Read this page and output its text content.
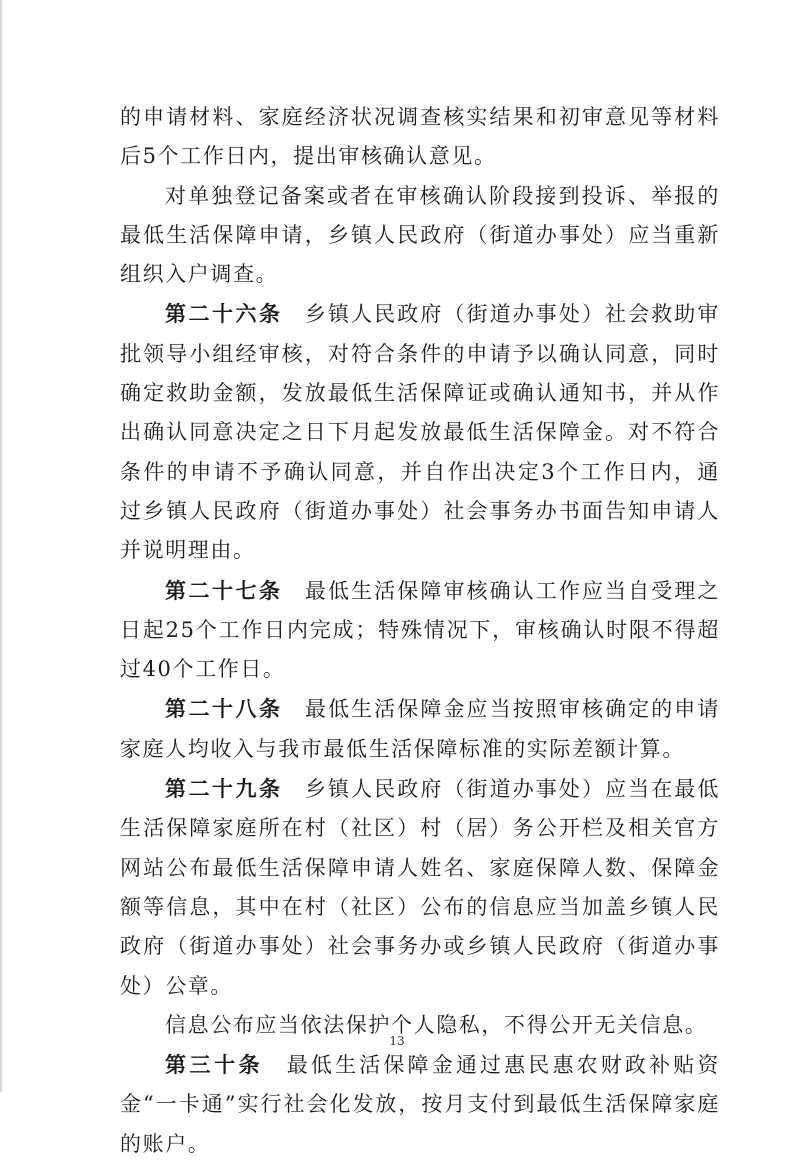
的申请材料、家庭经济状况调查核实结果和初审意见等材料后5个工作日内，提出审核确认意见。

对单独登记备案或者在审核确认阶段接到投诉、举报的最低生活保障申请，乡镇人民政府（街道办事处）应当重新组织入户调查。

第二十六条 乡镇人民政府（街道办事处）社会救助审批领导小组经审核，对符合条件的申请予以确认同意，同时确定救助金额，发放最低生活保障证或确认通知书，并从作出确认同意决定之日下月起发放最低生活保障金。对不符合条件的申请不予确认同意，并自作出决定3个工作日内，通过乡镇人民政府（街道办事处）社会事务办书面告知申请人并说明理由。

第二十七条 最低生活保障审核确认工作应当自受理之日起25个工作日内完成；特殊情况下，审核确认时限不得超过40个工作日。

第二十八条 最低生活保障金应当按照审核确定的申请家庭人均收入与我市最低生活保障标准的实际差额计算。

第二十九条 乡镇人民政府（街道办事处）应当在最低生活保障家庭所在村（社区）村（居）务公开栏及相关官方网站公布最低生活保障申请人姓名、家庭保障人数、保障金额等信息，其中在村（社区）公布的信息应当加盖乡镇人民政府（街道办事处）社会事务办或乡镇人民政府（街道办事处）公章。

信息公布应当依法保护个人隐私，不得公开无关信息。

第三十条 最低生活保障金通过惠民惠农财政补贴资金“一卡通”实行社会化发放，按月支付到最低生活保障家庭的账户。

13
